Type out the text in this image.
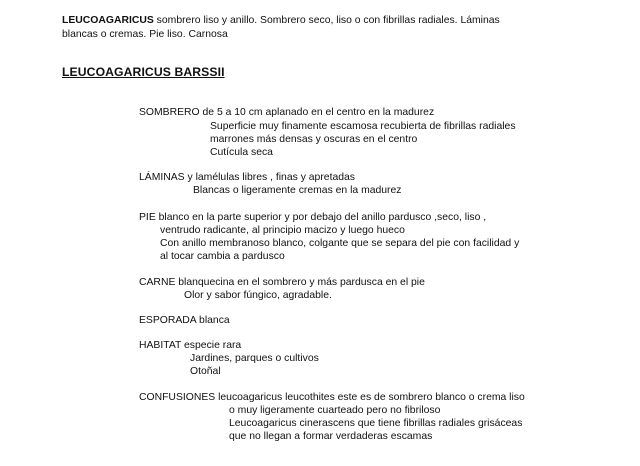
LEUCOAGARICUS sombrero liso y anillo. Sombrero seco, liso o con fibrillas radiales. Láminas
blancas o cremas. Pie liso. Carnosa
LEUCOAGARICUS BARSSII
SOMBRERO de 5 a 10 cm aplanado en el centro en la madurez
Superficie muy finamente escamosa recubierta de fibrillas radiales
marrones más densas y oscuras en el centro
Cutícula seca
LÁMINAS y lamélulas libres , finas y apretadas
Blancas o ligeramente cremas en la madurez
PIE blanco en la parte superior y por debajo del anillo pardusco ,seco, liso ,
ventrudo radicante, al principio macizo y luego hueco
Con anillo membranoso blanco, colgante que se separa del pie con facilidad y
al tocar cambia a pardusco
CARNE blanquecina en el sombrero y más pardusca en el pie
Olor y sabor fúngico, agradable.
ESPORADA blanca
HABITAT especie rara
Jardines, parques o cultivos
Otoñal
CONFUSIONES leucoagaricus leucothites este es de sombrero blanco o crema liso
o muy ligeramente cuarteado pero no fibriloso
Leucoagaricus cinerascens que tiene fibrillas radiales grisáceas
que no llegan a formar verdaderas escamas
